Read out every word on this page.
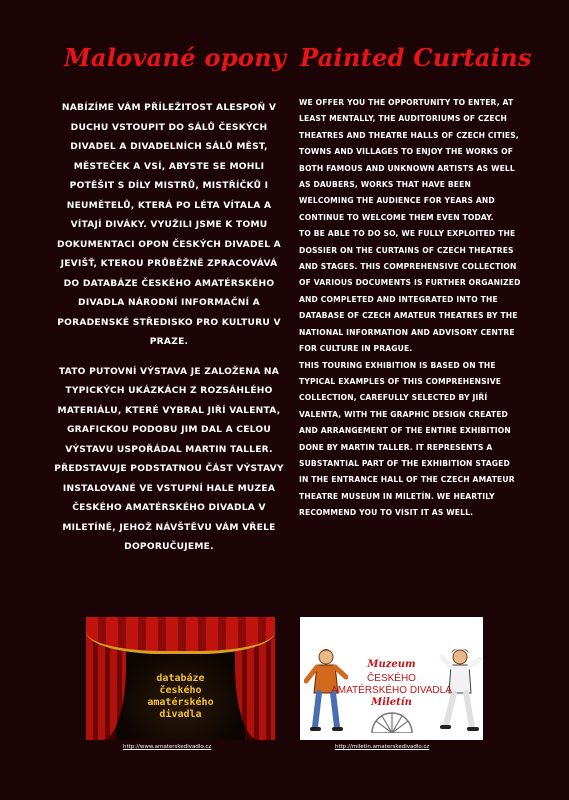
Malované opony Painted Curtains

NABÍZÍME VÁM PŘÍLEŽITOST ALESPOŇ V DUCHU VSTOUPIT DO SÁLŮ ČESKÝCH DIVADEL A DIVADELNÍCH SÁLŮ MĚST, MĚSTEČEK A VSÍ, ABYSTE SE MOHLI POTĚŠIT S DÍLY MISTRŮ, MISTŘÍČKŮ I NEUMĚTELŮ, KTERÁ PO LÉTA VÍTALA A VÍTAJÍ DIVÁKY. VYUŽILI JSME K TOMU DOKUMENTACI OPON ČESKÝCH DIVADEL A JEVIŠŤ, KTEROU PRŮBĚŽNĚ ZPRACOVÁVÁ DO DATABÁZE ČESKÉHO AMATÉRSKÉHO DIVADLA NÁRODNÍ INFORMAČNÍ A PORADENSKÉ STŘEDISKO PRO KULTURU V PRAZE.

TATO PUTOVNÍ VÝSTAVA JE ZALOŽENA NA TYPICKÝCH UKÁZKÁCH Z ROZSÁHLÉHO MATERIÁLU, KTERÉ VYBRAL JIŘÍ VALENTA, GRAFICKOU PODOBU JIM DAL A CELOU VÝSTAVU USPOŘÁDAL MARTIN TALLER. PŘEDSTAVUJE PODSTATNOU ČÁST VÝSTAVY INSTALOVANÉ VE VSTUPNÍ HALE MUZEA ČESKÉHO AMATÉRSKÉHO DIVADLA V MILETÍNĚ, JEHOŽ NÁVŠTĚVU VÁM VŘELE DOPORUČUJEME.

WE OFFER YOU THE OPPORTUNITY TO ENTER, AT LEAST MENTALLY, THE AUDITORIUMS OF CZECH THEATRES AND THEATRE HALLS OF CZECH CITIES, TOWNS AND VILLAGES TO ENJOY THE WORKS OF BOTH FAMOUS AND UNKNOWN ARTISTS AS WELL AS DAUBERS, WORKS THAT HAVE BEEN WELCOMING THE AUDIENCE FOR YEARS AND CONTINUE TO WELCOME THEM EVEN TODAY.

TO BE ABLE TO DO SO, WE FULLY EXPLOITED THE DOSSIER ON THE CURTAINS OF CZECH THEATRES AND STAGES. THIS COMPREHENSIVE COLLECTION OF VARIOUS DOCUMENTS IS FURTHER ORGANIZED AND COMPLETED AND INTEGRATED INTO THE DATABASE OF CZECH AMATEUR THEATRES BY THE NATIONAL INFORMATION AND ADVISORY CENTRE FOR CULTURE IN PRAGUE.

THIS TOURING EXHIBITION IS BASED ON THE TYPICAL EXAMPLES OF THIS COMPREHENSIVE COLLECTION, CAREFULLY SELECTED BY JIŘÍ VALENTA, WITH THE GRAPHIC DESIGN CREATED AND ARRANGEMENT OF THE ENTIRE EXHIBITION DONE BY MARTIN TALLER. IT REPRESENTS A SUBSTANTIAL PART OF THE EXHIBITION STAGED IN THE ENTRANCE HALL OF THE CZECH AMATEUR THEATRE MUSEUM IN MILETÍN. WE HEARTILY RECOMMEND YOU TO VISIT IT AS WELL.

databáze
českého
amatérského
divadla
Muzeum
ČESKÉHO
AMATÉRSKÉHO DIVADLA
Miletín
http://www.amaterskedivadlo.cz	http://miletin.amaterskedivadlo.cz
